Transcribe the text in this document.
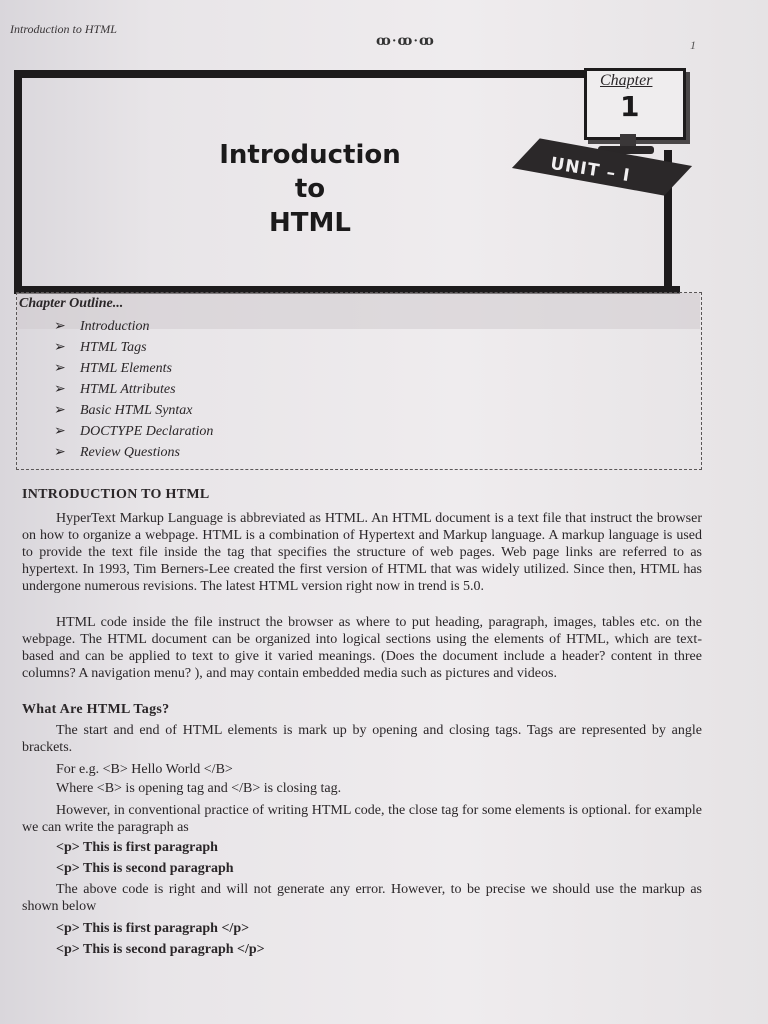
Introduction to HTML
ꝏ·ꝏ·ꝏ	1
Introduction
to
HTML
Chapter
1
UNIT – I
Chapter Outline...
➢ Introduction
➢ HTML Tags
➢ HTML Elements
➢ HTML Attributes
➢ Basic HTML Syntax
➢ DOCTYPE Declaration
➢ Review Questions
INTRODUCTION TO HTML
HyperText Markup Language is abbreviated as HTML. An HTML document is a text file that instruct the browser on how to organize a webpage. HTML is a combination of Hypertext and Markup language. A markup language is used to provide the text file inside the tag that specifies the structure of web pages. Web page links are referred to as hypertext. In 1993, Tim Berners-Lee created the first version of HTML that was widely utilized. Since then, HTML has undergone numerous revisions. The latest HTML version right now in trend is 5.0.
HTML code inside the file instruct the browser as where to put heading, paragraph, images, tables etc. on the webpage. The HTML document can be organized into logical sections using the elements of HTML, which are text-based and can be applied to text to give it varied meanings. (Does the document include a header? content in three columns? A navigation menu? ), and may contain embedded media such as pictures and videos.
What Are HTML Tags?
The start and end of HTML elements is mark up by opening and closing tags. Tags are represented by angle brackets.
For e.g. <B> Hello World </B>
Where <B> is opening tag and </B> is closing tag.
However, in conventional practice of writing HTML code, the close tag for some elements is optional. for example we can write the paragraph as
<p> This is first paragraph
<p> This is second paragraph
The above code is right and will not generate any error. However, to be precise we should use the markup as shown below
<p> This is first paragraph </p>
<p> This is second paragraph </p>
